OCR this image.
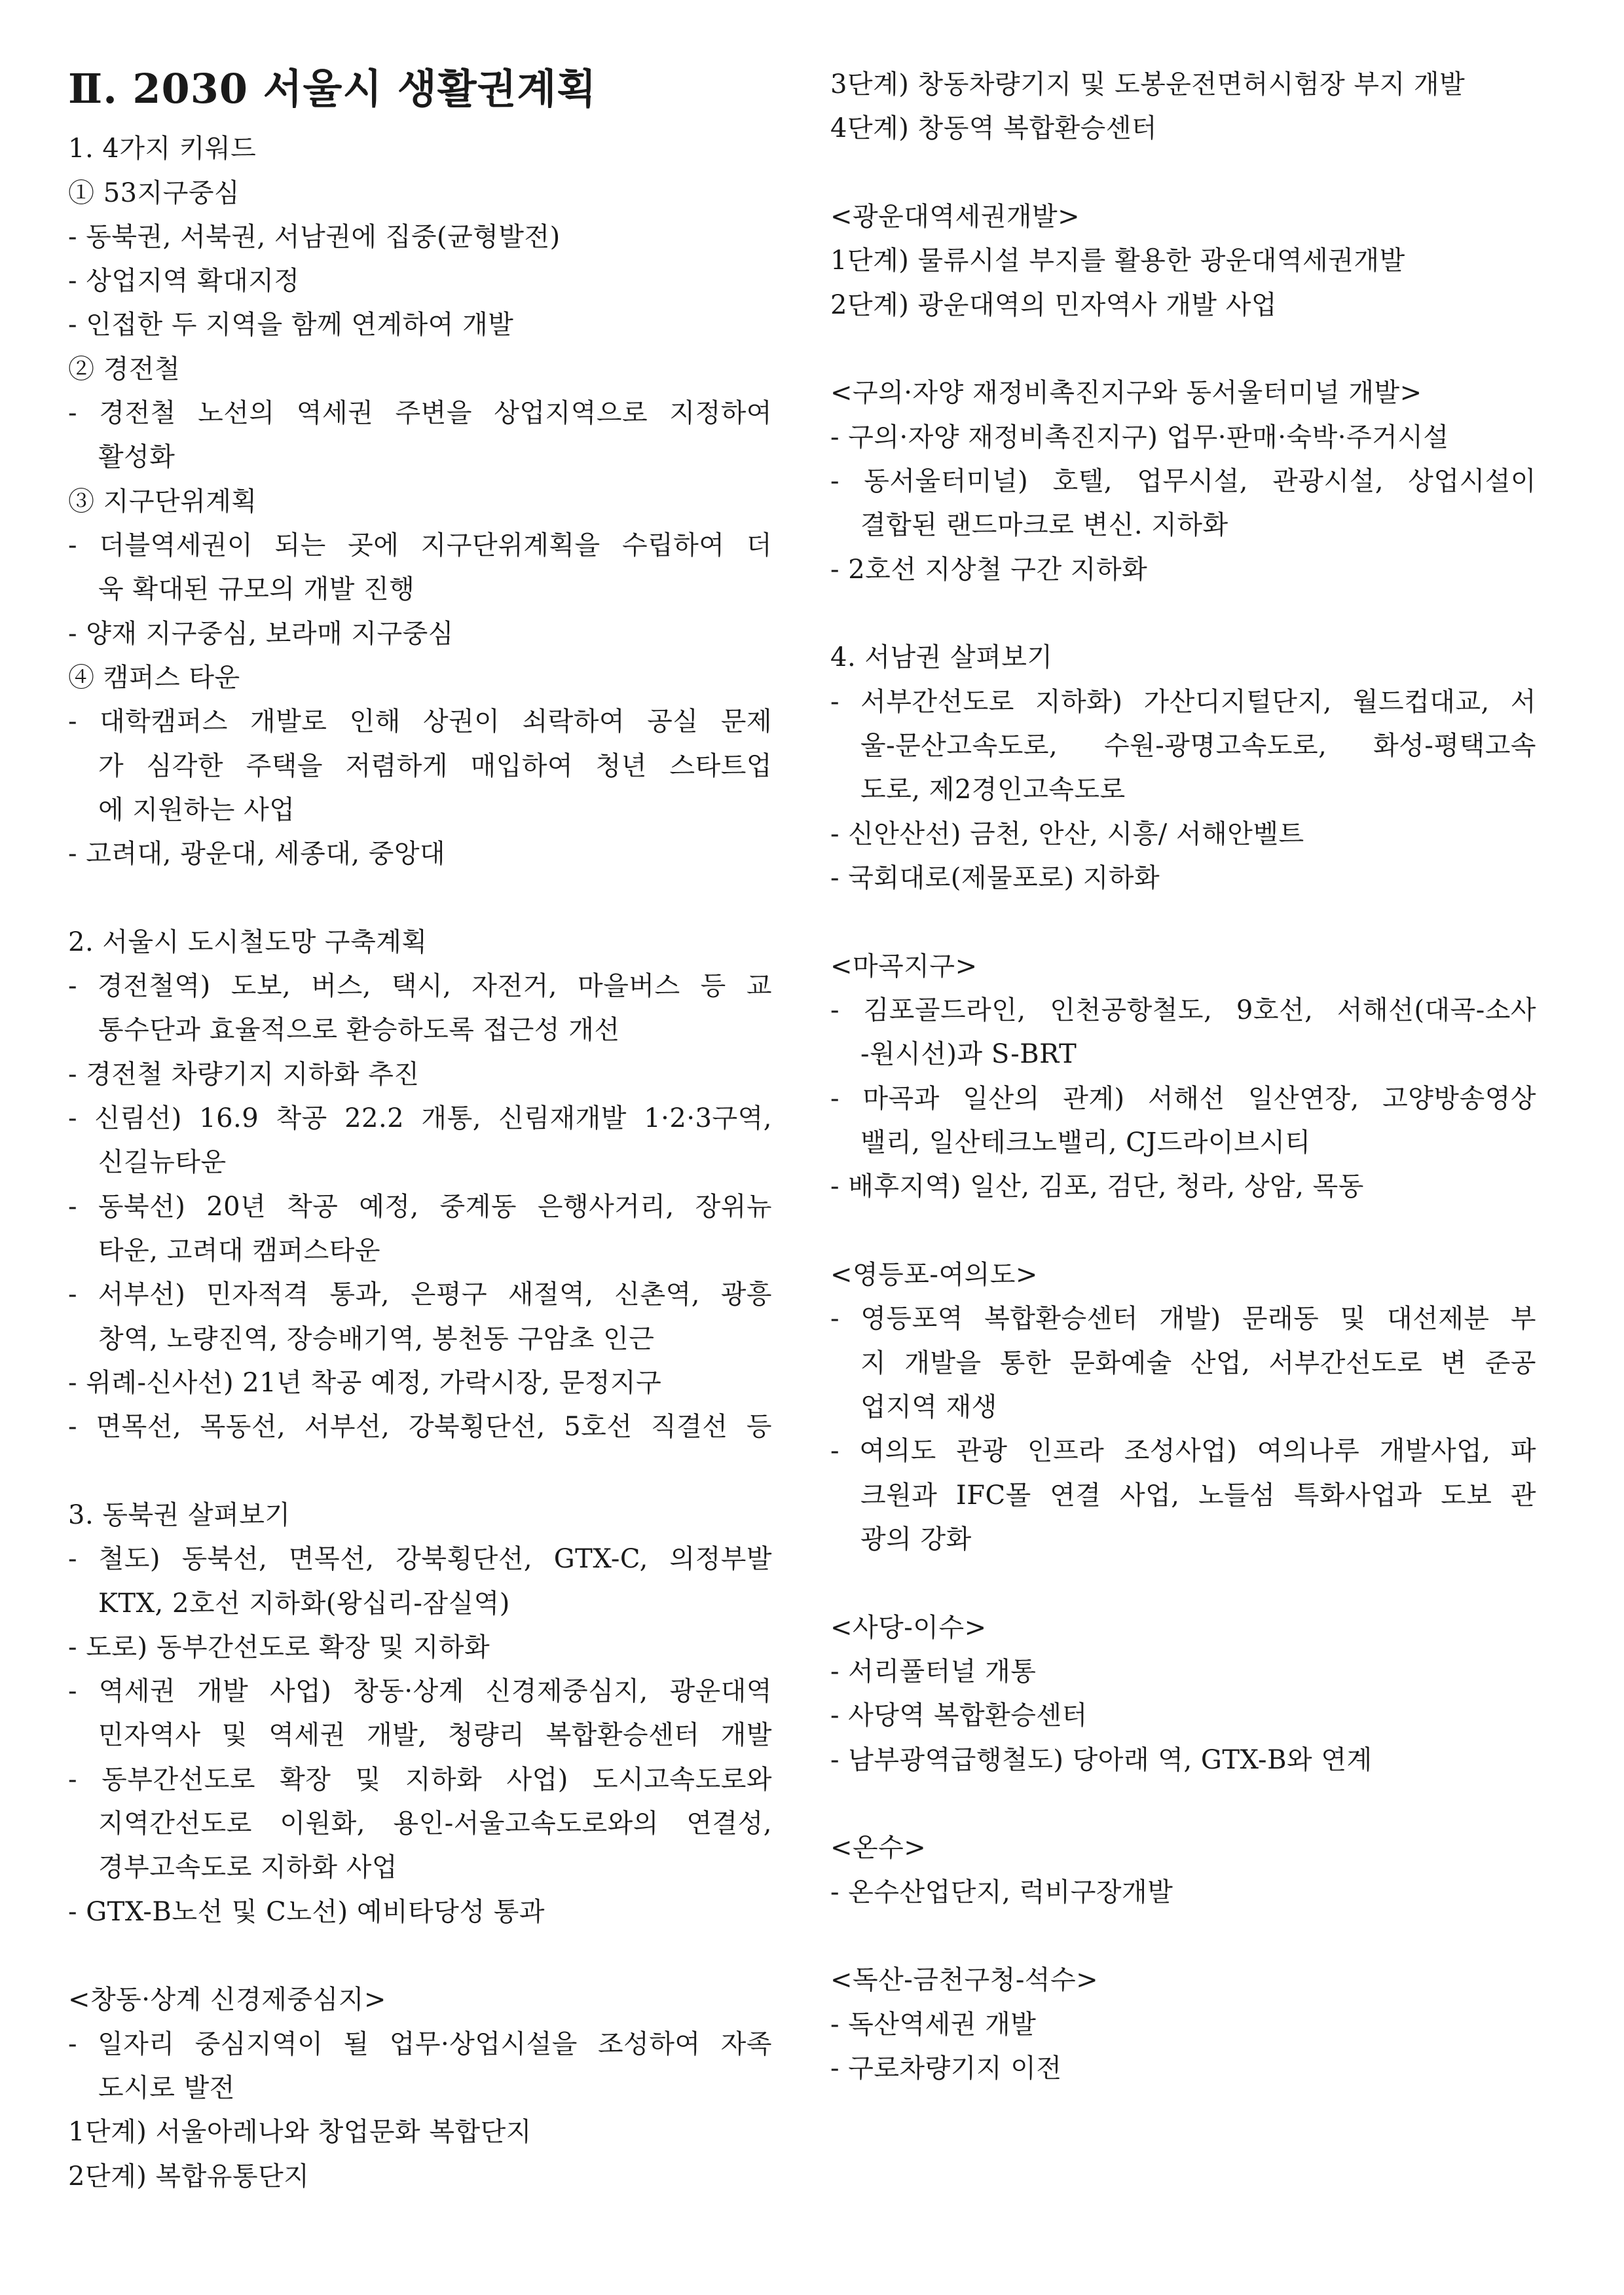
Ⅱ. 2030 서울시 생활권계획
1. 4가지 키워드
① 53지구중심
- 동북권, 서북권, 서남권에 집중(균형발전)
- 상업지역 확대지정
- 인접한 두 지역을 함께 연계하여 개발
② 경전철
- 경전철 노선의 역세권 주변을 상업지역으로 지정하여
활성화
③ 지구단위계획
- 더블역세권이 되는 곳에 지구단위계획을 수립하여 더
욱 확대된 규모의 개발 진행
- 양재 지구중심, 보라매 지구중심
④ 캠퍼스 타운
- 대학캠퍼스 개발로 인해 상권이 쇠락하여 공실 문제
가 심각한 주택을 저렴하게 매입하여 청년 스타트업
에 지원하는 사업
- 고려대, 광운대, 세종대, 중앙대
2. 서울시 도시철도망 구축계획
- 경전철역) 도보, 버스, 택시, 자전거, 마을버스 등 교
통수단과 효율적으로 환승하도록 접근성 개선
- 경전철 차량기지 지하화 추진
- 신림선) 16.9 착공 22.2 개통, 신림재개발 1·2·3구역,
신길뉴타운
- 동북선) 20년 착공 예정, 중계동 은행사거리, 장위뉴
타운, 고려대 캠퍼스타운
- 서부선) 민자적격 통과, 은평구 새절역, 신촌역, 광흥
창역, 노량진역, 장승배기역, 봉천동 구암초 인근
- 위례-신사선) 21년 착공 예정, 가락시장, 문정지구
- 면목선, 목동선, 서부선, 강북횡단선, 5호선 직결선 등
3. 동북권 살펴보기
- 철도) 동북선, 면목선, 강북횡단선, GTX-C, 의정부발
KTX, 2호선 지하화(왕십리-잠실역)
- 도로) 동부간선도로 확장 및 지하화
- 역세권 개발 사업) 창동·상계 신경제중심지, 광운대역
민자역사 및 역세권 개발, 청량리 복합환승센터 개발
- 동부간선도로 확장 및 지하화 사업) 도시고속도로와
지역간선도로 이원화, 용인-서울고속도로와의 연결성,
경부고속도로 지하화 사업
- GTX-B노선 및 C노선) 예비타당성 통과
<창동·상계 신경제중심지>
- 일자리 중심지역이 될 업무·상업시설을 조성하여 자족
도시로 발전
1단계) 서울아레나와 창업문화 복합단지
2단계) 복합유통단지
3단계) 창동차량기지 및 도봉운전면허시험장 부지 개발
4단계) 창동역 복합환승센터
<광운대역세권개발>
1단계) 물류시설 부지를 활용한 광운대역세권개발
2단계) 광운대역의 민자역사 개발 사업
<구의·자양 재정비촉진지구와 동서울터미널 개발>
- 구의·자양 재정비촉진지구) 업무·판매·숙박·주거시설
- 동서울터미널) 호텔, 업무시설, 관광시설, 상업시설이
결합된 랜드마크로 변신. 지하화
- 2호선 지상철 구간 지하화
4. 서남권 살펴보기
- 서부간선도로 지하화) 가산디지털단지, 월드컵대교, 서
울-문산고속도로, 수원-광명고속도로, 화성-평택고속
도로, 제2경인고속도로
- 신안산선) 금천, 안산, 시흥/ 서해안벨트
- 국회대로(제물포로) 지하화
<마곡지구>
- 김포골드라인, 인천공항철도, 9호선, 서해선(대곡-소사
-원시선)과 S-BRT
- 마곡과 일산의 관계) 서해선 일산연장, 고양방송영상
밸리, 일산테크노밸리, CJ드라이브시티
- 배후지역) 일산, 김포, 검단, 청라, 상암, 목동
<영등포-여의도>
- 영등포역 복합환승센터 개발) 문래동 및 대선제분 부
지 개발을 통한 문화예술 산업, 서부간선도로 변 준공
업지역 재생
- 여의도 관광 인프라 조성사업) 여의나루 개발사업, 파
크원과 IFC몰 연결 사업, 노들섬 특화사업과 도보 관
광의 강화
<사당-이수>
- 서리풀터널 개통
- 사당역 복합환승센터
- 남부광역급행철도) 당아래 역, GTX-B와 연계
<온수>
- 온수산업단지, 럭비구장개발
<독산-금천구청-석수>
- 독산역세권 개발
- 구로차량기지 이전
